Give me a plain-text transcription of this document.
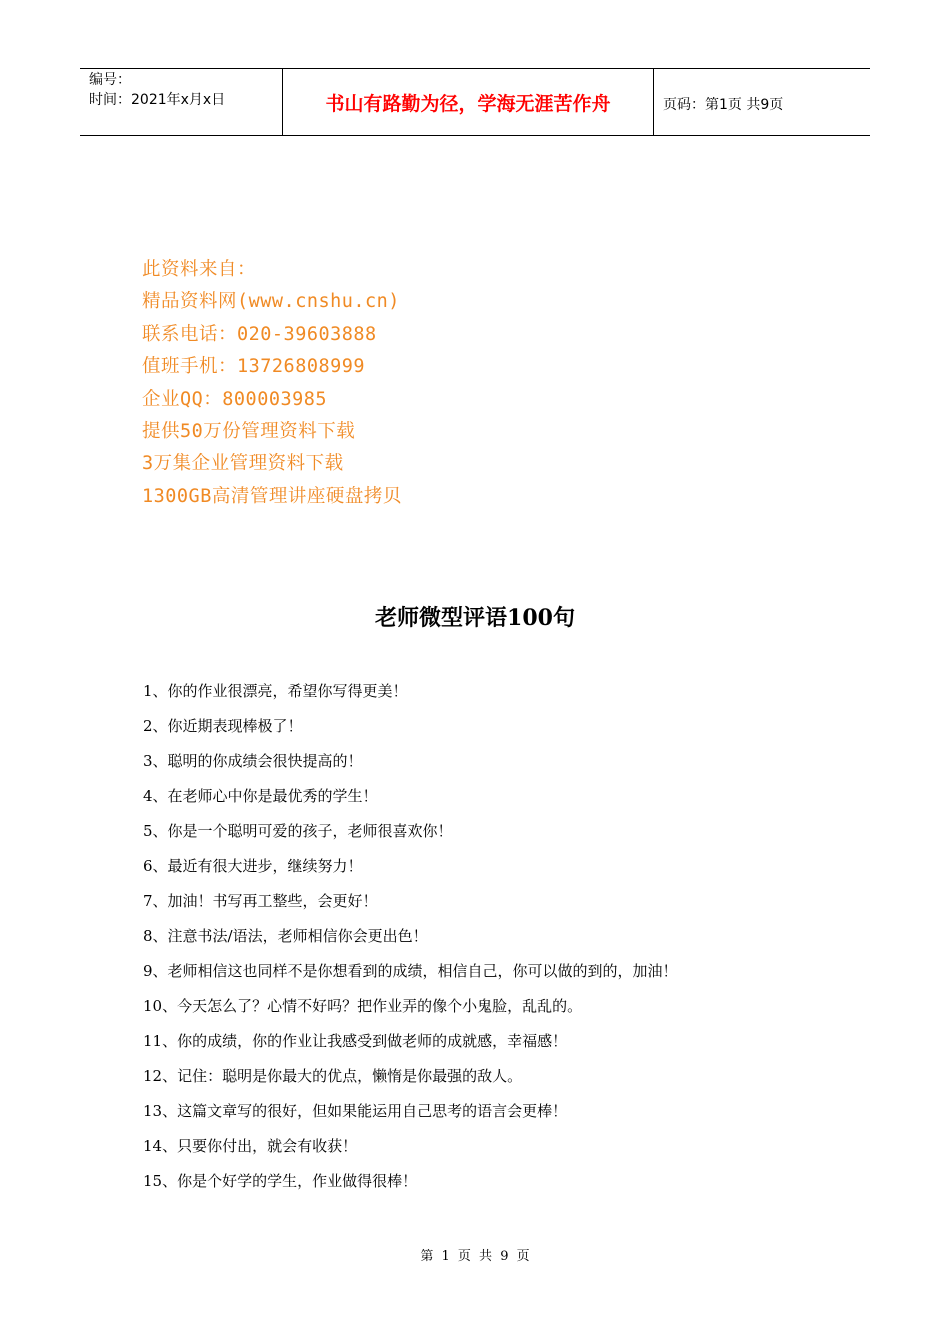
编号：
时间：2021年x月x日	书山有路勤为径，学海无涯苦作舟	页码：第1页 共9页
此资料来自：
精品资料网(www.cnshu.cn)
联系电话：020-39603888
值班手机：13726808999
企业QQ：800003985
提供50万份管理资料下载
3万集企业管理资料下载
1300GB高清管理讲座硬盘拷贝
老师微型评语100句
1、你的作业很漂亮，希望你写得更美！
2、你近期表现棒极了！
3、聪明的你成绩会很快提高的！
4、在老师心中你是最优秀的学生！
5、你是一个聪明可爱的孩子，老师很喜欢你！
6、最近有很大进步，继续努力！
7、加油！书写再工整些，会更好！
8、注意书法/语法，老师相信你会更出色！
9、老师相信这也同样不是你想看到的成绩，相信自己，你可以做的到的，加油！
10、今天怎么了？心情不好吗？把作业弄的像个小鬼脸，乱乱的。
11、你的成绩，你的作业让我感受到做老师的成就感，幸福感！
12、记住：聪明是你最大的优点，懒惰是你最强的敌人。
13、这篇文章写的很好，但如果能运用自己思考的语言会更棒！
14、只要你付出，就会有收获！
15、你是个好学的学生，作业做得很棒！
第 1 页 共 9 页
